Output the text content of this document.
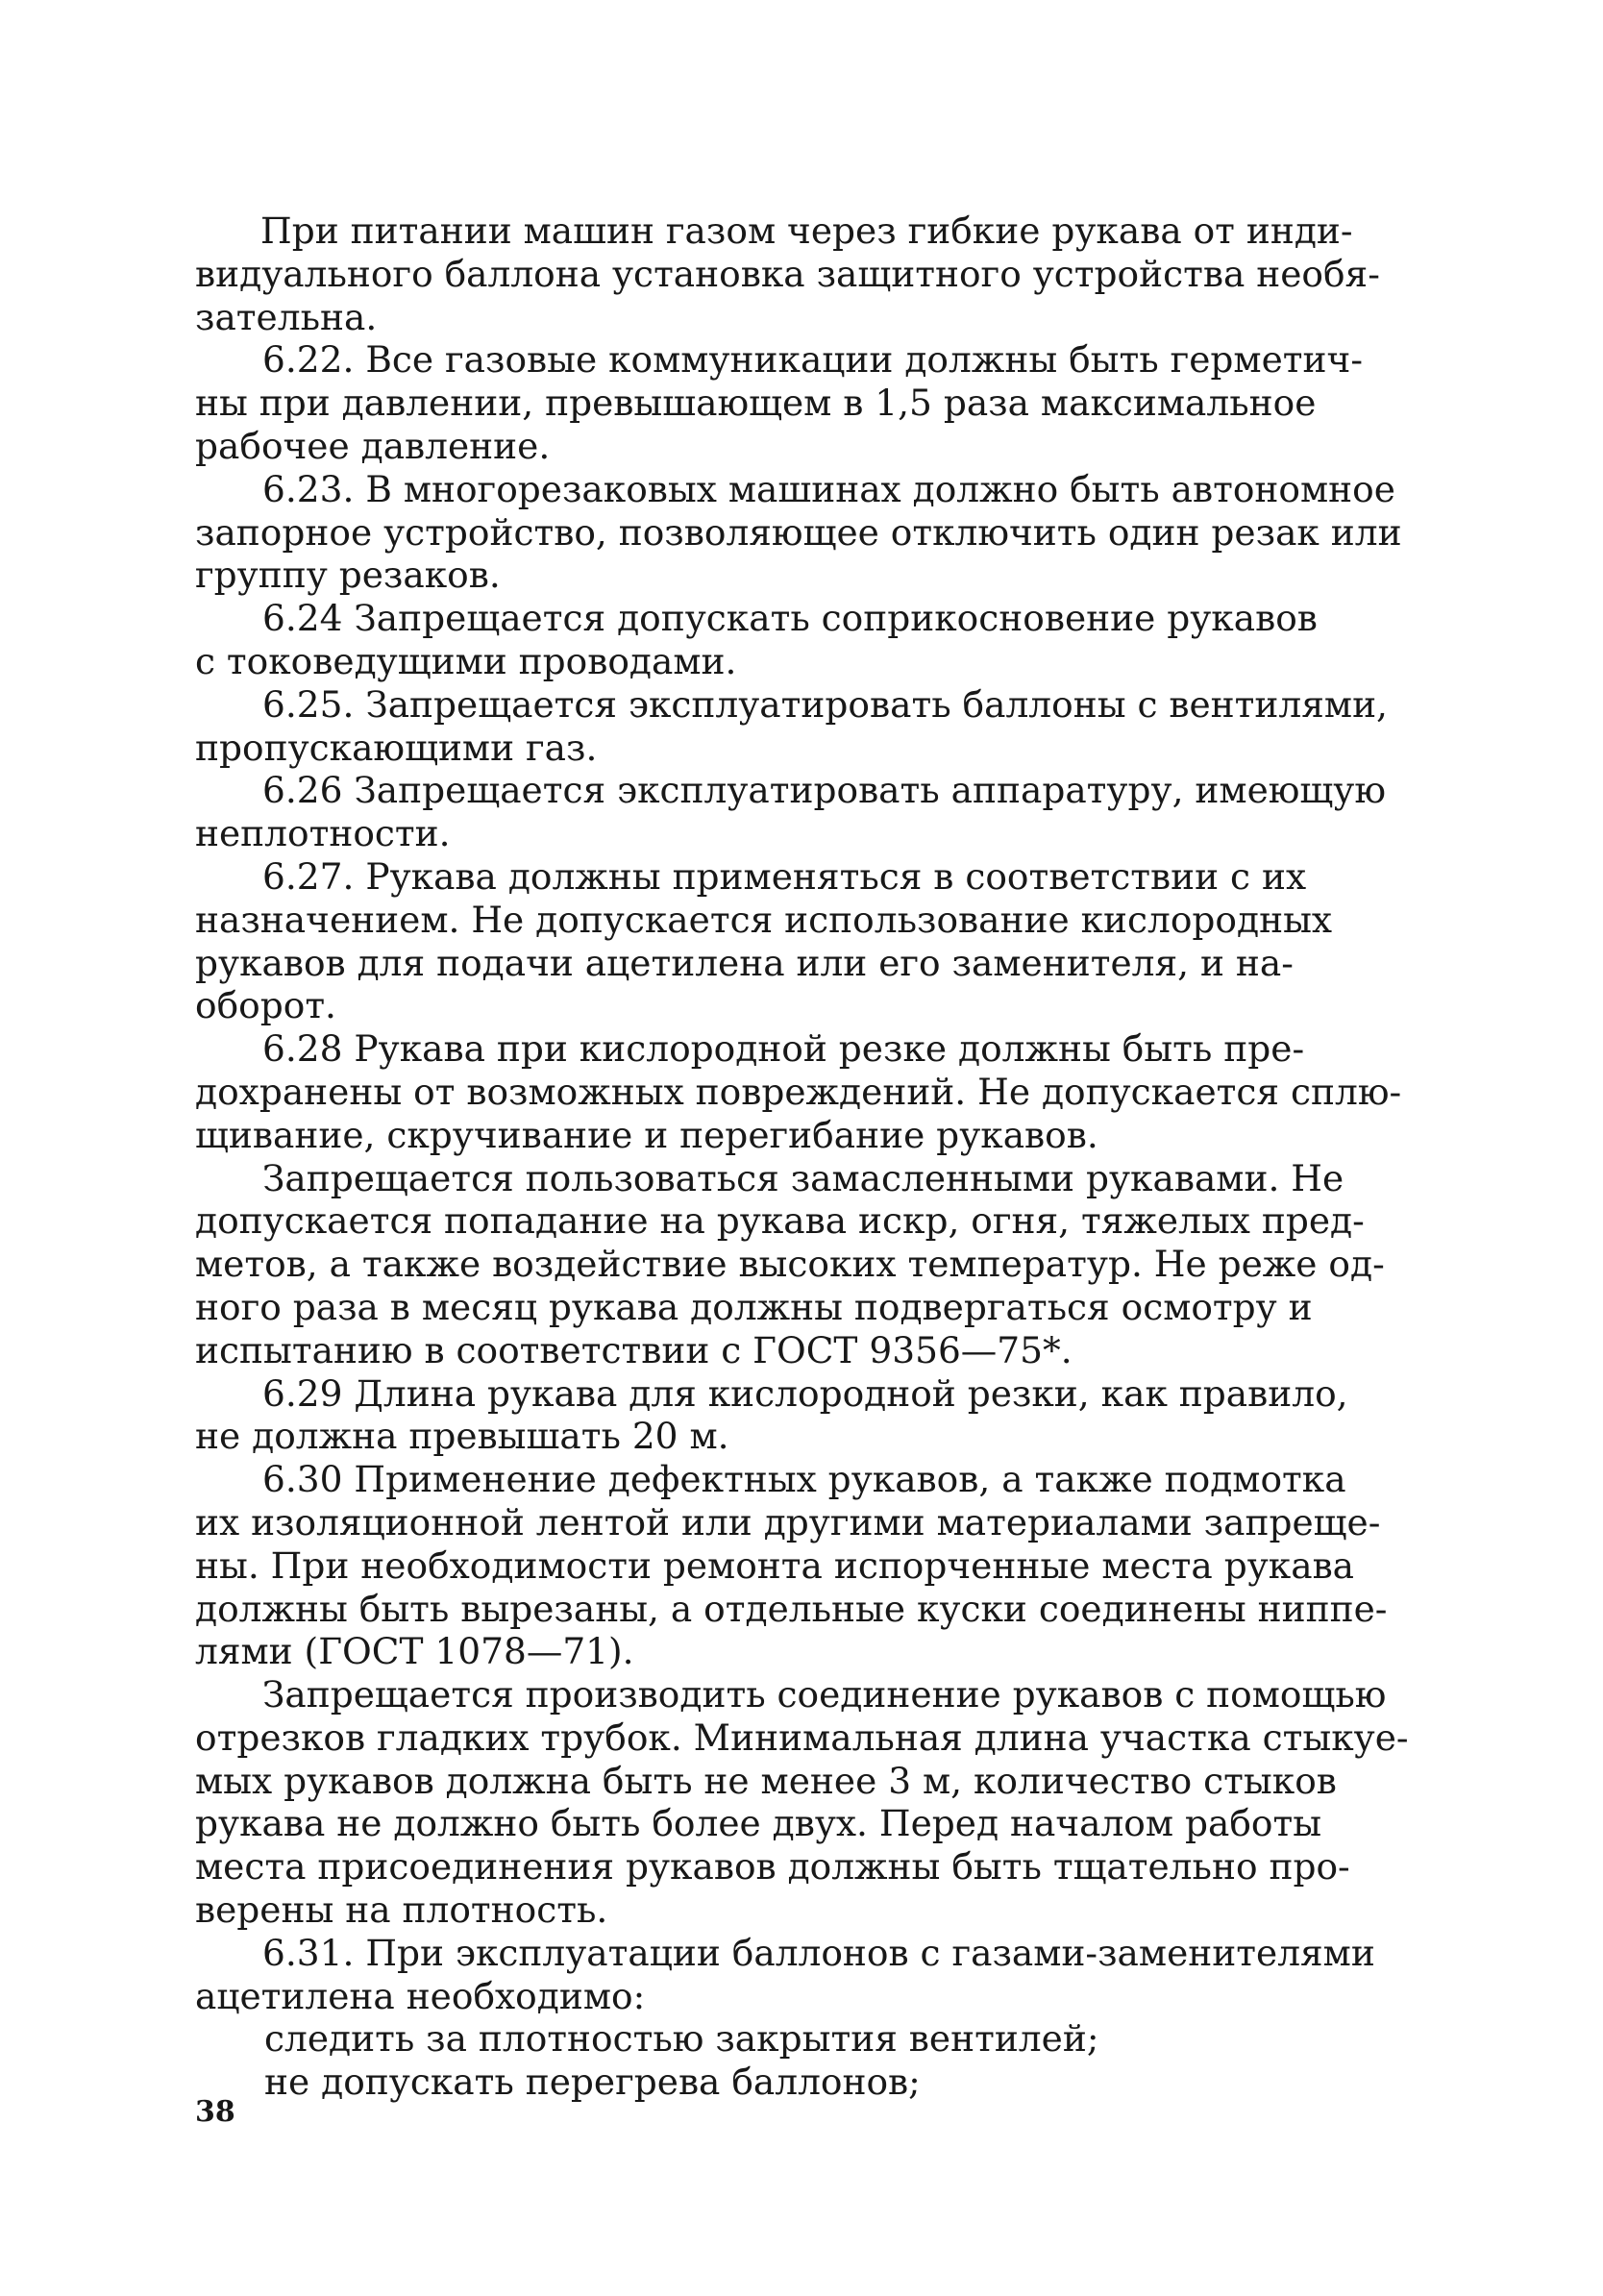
При питании машин газом через гибкие рукава от инди-
видуального баллона установка защитного устройства необя-
зательна.

6.22. Все газовые коммуникации должны быть герметич-
ны при давлении, превышающем в 1,5 раза максимальное
рабочее давление.

6.23. В многорезаковых машинах должно быть автономное
запорное устройство, позволяющее отключить один резак или
группу резаков.

6.24 Запрещается допускать соприкосновение рукавов
с токоведущими проводами.

6.25. Запрещается эксплуатировать баллоны с вентилями,
пропускающими газ.

6.26 Запрещается эксплуатировать аппаратуру, имеющую
неплотности.

6.27. Рукава должны применяться в соответствии с их
назначением. Не допускается использование кислородных
рукавов для подачи ацетилена или его заменителя, и на-
оборот.

6.28 Рукава при кислородной резке должны быть пре-
дохранены от возможных повреждений. Не допускается сплю-
щивание, скручивание и перегибание рукавов.

Запрещается пользоваться замасленными рукавами. Не
допускается попадание на рукава искр, огня, тяжелых пред-
метов, а также воздействие высоких температур. Не реже од-
ного раза в месяц рукава должны подвергаться осмотру и
испытанию в соответствии с ГОСТ 9356—75*.

6.29 Длина рукава для кислородной резки, как правило,
не должна превышать 20 м.

6.30 Применение дефектных рукавов, а также подмотка
их изоляционной лентой или другими материалами запреще-
ны. При необходимости ремонта испорченные места рукава
должны быть вырезаны, а отдельные куски соединены ниппе-
лями (ГОСТ 1078—71).

Запрещается производить соединение рукавов с помощью
отрезков гладких трубок. Минимальная длина участка стыкуе-
мых рукавов должна быть не менее 3 м, количество стыков
рукава не должно быть более двух. Перед началом работы
места присоединения рукавов должны быть тщательно про-
верены на плотность.

6.31. При эксплуатации баллонов с газами-заменителями
ацетилена необходимо:

следить за плотностью закрытия вентилей;

не допускать перегрева баллонов;

38
